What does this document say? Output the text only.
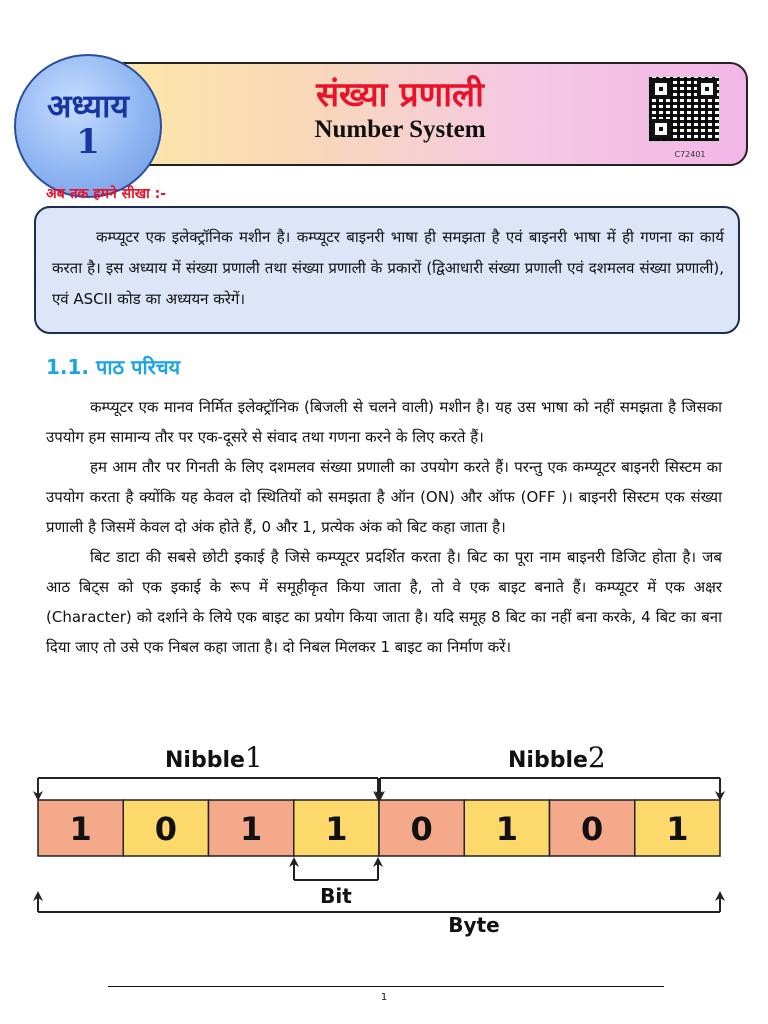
संख्या प्रणाली
Number System
C72401
अध्याय
1
अब तक हमने सीखा :-
कम्प्यूटर एक इलेक्ट्रॉनिक मशीन है। कम्प्यूटर बाइनरी भाषा ही समझता है एवं बाइनरी भाषा में ही गणना का कार्य करता है। इस अध्याय में संख्या प्रणाली तथा संख्या प्रणाली के प्रकारों (द्विआधारी संख्या प्रणाली एवं दशमलव संख्या प्रणाली), एवं ASCII कोड का अध्ययन करेगें।
1.1. पाठ परिचय

कम्प्यूटर एक मानव निर्मित इलेक्ट्रॉनिक (बिजली से चलने वाली) मशीन है। यह उस भाषा को नहीं समझता है जिसका उपयोग हम सामान्य तौर पर एक-दूसरे से संवाद तथा गणना करने के लिए करते हैं।

हम आम तौर पर गिनती के लिए दशमलव संख्या प्रणाली का उपयोग करते हैं। परन्तु एक कम्प्यूटर बाइनरी सिस्टम का उपयोग करता है क्योंकि यह केवल दो स्थितियों को समझता है ऑन (ON) और ऑफ (OFF )। बाइनरी सिस्टम एक संख्या प्रणाली है जिसमें केवल दो अंक होते हैं, 0 और 1, प्रत्येक अंक को बिट कहा जाता है।

बिट डाटा की सबसे छोटी इकाई है जिसे कम्प्यूटर प्रदर्शित करता है। बिट का पूरा नाम बाइनरी डिजिट होता है। जब आठ बिट्स को एक इकाई के रूप में समूहीकृत किया जाता है, तो वे एक बाइट बनाते हैं। कम्प्यूटर में एक अक्षर (Character) को दर्शाने के लिये एक बाइट का प्रयोग किया जाता है। यदि समूह 8 बिट का नहीं बना करके, 4 बिट का बना दिया जाए तो उसे एक निबल कहा जाता है। दो निबल मिलकर 1 बाइट का निर्माण करें।

Nibble1	Nibble2
1 0 1 1 0 1 0 1
Bit
Byte
1
